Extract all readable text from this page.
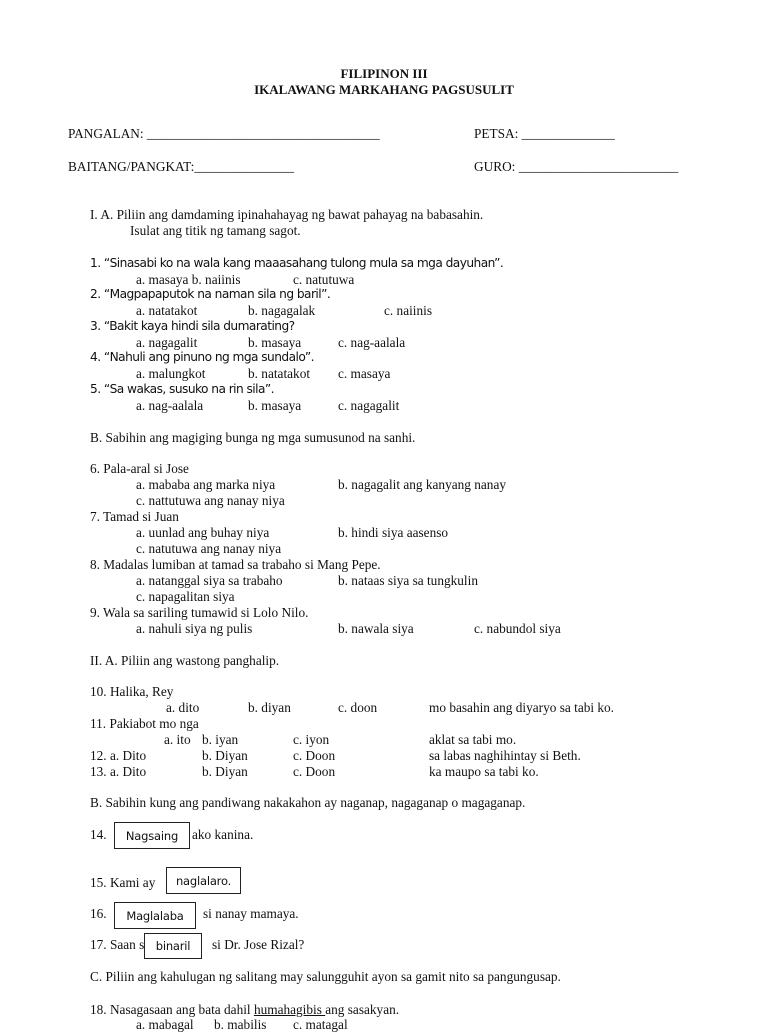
FILIPINON III
IKALAWANG MARKAHANG PAGSUSULIT
PANGALAN: ___________________________________	PETSA: ______________
BAITANG/PANGKAT:_______________	GURO: ________________________
I. A. Piliin ang damdaming ipinahahayag ng bawat pahayag na babasahin.
Isulat ang titik ng tamang sagot.
1. “Sinasabi ko na wala kang maaasahang tulong mula sa mga dayuhan”.
a. masaya b. naiinis	c. natutuwa
2. “Magpapaputok na naman sila ng baril”.
a. natatakot	b. nagagalak	c. naiinis
3. “Bakit kaya hindi sila dumarating?
a. nagagalit	b. masaya	c. nag-aalala
4. “Nahuli ang pinuno ng mga sundalo”.
a. malungkot	b. natatakot c. masaya
5. “Sa wakas, susuko na rin sila”.
a. nag-aalala	b. masaya	c. nagagalit
B. Sabihin ang magiging bunga ng mga sumusunod na sanhi.
6. Pala-aral si Jose
a. mababa ang marka niya	b. nagagalit ang kanyang nanay
c. nattutuwa ang nanay niya
7. Tamad si Juan
a. uunlad ang buhay niya	b. hindi siya aasenso
c. natutuwa ang nanay niya
8. Madalas lumiban at tamad sa trabaho si Mang Pepe.
a. natanggal siya sa trabaho	b. nataas siya sa tungkulin
c. napagalitan siya
9. Wala sa sariling tumawid si Lolo Nilo.
a. nahuli siya ng pulis	b. nawala siya	c. nabundol siya
II. A. Piliin ang wastong panghalip.
10. Halika, Rey
a. dito	b. diyan	c. doon	mo basahin ang diyaryo sa tabi ko.
11. Pakiabot mo nga
a. ito b. iyan	c. iyon	aklat sa tabi mo.
12. a. Dito	b. Diyan	c. Doon	sa labas naghihintay si Beth.
13. a. Dito	b. Diyan	c. Doon	ka maupo sa tabi ko.
B. Sabihin kung ang pandiwang nakakahon ay naganap, nagaganap o magaganap.
14.	Nagsaing	ako kanina.
15. Kami ay	naglalaro.
16.	Maglalaba	si nanay mamaya.
17. Saan s binaril	si Dr. Jose Rizal?
C. Piliin ang kahulugan ng salitang may salungguhit ayon sa gamit nito sa pangungusap.
18. Nasagasaan ang bata dahil humahagibis ang sasakyan.
a. mabagal b. mabilis c. matagal
